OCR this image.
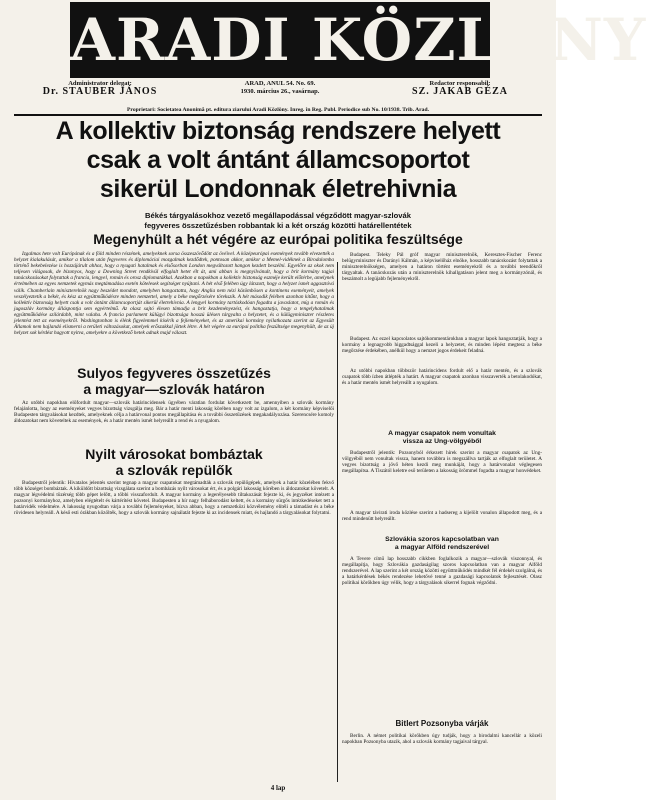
ARADI KÖZLÖNY
Administrator delegat:
Dr. STAUBER JÁNOS
ARAD, ANUL 54. No. 69.
1930. március 26., vasárnap.
Redactor responsabil:
SZ. JAKAB GÉZA
Proprietari: Societatea Anonimă pt. editura ziarului Aradi Közlöny. Inreg. în Reg. Publ. Periodice sub No. 10/1938. Trib. Arad.
A kollektiv biztonság rendszere helyett
csak a volt ántánt államcsoportot
sikerül Londonnak életrehivnia
Békés tárgyalásokhoz vezető megállapodással végződött magyar-szlovák
fegyveres összetűzésben robbantak ki a két ország közötti határellentétek
Megenyhült a hét végére az európai politika feszültsége

Izgalmas hete volt Európának és a föld minden részének, amelyeknek sorsa összeszövődött az övéivel. A középeurópai események tovább elvezették a helyzet kialakulását, amikor a tilalom után fegyveres és diplomáciai mozgalmak kezdődtek, pontosan akkor, amikor a Memel-vidéknek a Birodalomba történő bekebelezése is hozzájárult ahhoz, hogy a nyugati hatalmak és elsősorban London megváltozott hangon kezdett beszélni. Egyelőre az okok nem teljesen világosak, de bizonyos, hogy a Downing Street rendkívül elfoglalt hetet élt át, ami abban is megnyilvánult, hogy a brit kormány tagjai tanácskozásokat folytattak a francia, lengyel, román és orosz diplomatákkal. Azokban a napokban a kollektív biztonság eszméje került előtérbe, amelynek értelmében az egyes nemzetek egymás megtámadása esetén kötelesek segítséget nyújtani. A hét első felében úgy látszott, hogy a helyzet ismét aggasztóvá válik. Chamberlain miniszterelnök nagy beszédet mondott, amelyben hangoztatta, hogy Anglia nem nézi közömbösen a kontinens eseményeit, amelyek veszélyeztetik a békét, és kész az együttműködésre minden nemzettel, amely a béke megőrzésére törekszik. A hét második felében azonban kitűnt, hogy a kollektív biztonság helyett csak a volt ántánt államcsoportját sikerül életrehívnia. A lengyel kormány tartózkodóan fogadta a javaslatot, míg a román és jugoszláv kormány álláspontja sem egyértelmű. Az olasz sajtó élesen támadja a brit kezdeményezést, és hangoztatja, hogy a tengelyhatalmak együttműködése szilárdabb, mint valaha. A francia parlament külügyi bizottsága hosszú ülésen tárgyalta a helyzetet, és a külügyminiszter részletes jelentést tett az eseményekről. Washingtonban is élénk figyelemmel kísérik a fejleményeket, és az amerikai kormány nyilatkozata szerint az Egyesült Államok nem hajlandó elismerni a területi változásokat, amelyek erőszakkal jöttek létre. A hét végére az európai politika feszültsége megenyhült, de az új helyzet sok kérdést hagyott nyitva, amelyekre a következő hetek adnak majd választ.

Sulyos fegyveres összetűzés
a magyar—szlovák határon

Az utóbbi napokban előfordult magyar—szlovák határincidensek ügyében váratlan fordulat következett be, amennyiben a szlovák kormány felajánlotta, hogy az eseményeket vegyes bizottság vizsgálja meg. Bár a határ menti lakosság körében nagy volt az izgalom, a két kormány képviselői Budapesten tárgyalásokat kezdtek, amelyeknek célja a határvonal pontos megállapítása és a további összetűzések megakadályozása. Szerencsére komoly áldozatokat nem követeltek az események, és a határ mentén ismét helyreállt a rend és a nyugalom.

Nyilt városokat bombáztak
a szlovák repülők

Budapestről jelentik: Hivatalos jelentés szerint tegnap a magyar csapatokat megtámadták a szlovák repülőgépek, amelyek a határ közelében fekvő több községet bombáztak. A kiküldött bizottság vizsgálata szerint a bombázás nyílt városokat ért, és a polgári lakosság körében is áldozatokat követelt. A magyar légvédelmi tüzérség több gépet lelőtt, a többi visszafordult. A magyar kormány a legerélyesebb tiltakozását fejezte ki, és jegyzéket intézett a pozsonyi kormányhoz, amelyben elégtételt és kártérítést követel. Budapesten a hír nagy felháborodást keltett, és a kormány sürgős intézkedéseket tett a határvidék védelmére. A lakosság nyugodtan várja a további fejleményeket, bízva abban, hogy a nemzetközi közvélemény elítéli a támadást és a béke rövidesen helyreáll. A késő esti órákban közölték, hogy a szlovák kormány sajnálatát fejezte ki az incidensek miatt, és hajlandó a tárgyalásokat folytatni.

Budapest. Teleky Pál gróf magyar miniszterelnök, Keresztes-Fischer Ferenc belügyminiszter és Darányi Kálmán, a képviselőház elnöke, hosszabb tanácskozást folytattak a miniszterelnökségen, amelyen a határon történt eseményekről és a további teendőkről tárgyaltak. A tanácskozás után a miniszterelnök kihallgatáson jelent meg a kormányzónál, és beszámolt a legújabb fejleményekről.

Budapest. Az ezzel kapcsolatos sajtókommentárokban a magyar lapok hangoztatják, hogy a kormány a legnagyobb higgadtsággal kezeli a helyzetet, és minden lépést megtesz a béke megőrzése érdekében, anélkül hogy a nemzet jogos érdekeit feladná.

Az utóbbi napokban többször határincidens fordult elő a határ mentén, és a szlovák csapatok több ízben átlépték a határt. A magyar csapatok azonban visszaverték a betolakodókat, és a határ mentén ismét helyreállt a nyugalom.

A magyar csapatok nem vonultak
vissza az Ung-völgyéből

Budapestről jelentik: Pozsonyból érkezett hírek szerint a magyar csapatok az Ung-völgyéből nem vonultak vissza, hanem továbbra is megszállva tartják az elfoglalt területet. A vegyes bizottság a jövő héten kezdi meg munkáját, hogy a határvonalat véglegesen megállapítsa. A Tiszától keletre eső területen a lakosság örömmel fogadta a magyar honvédeket.

A magyar távirati iroda közlése szerint a hadsereg a kijelölt vonalon állapodott meg, és a rend mindenütt helyreállt.

Szlovákia szoros kapcsolatban van
a magyar Alföld rendszerével

A Tevere című lap hosszabb cikkben foglalkozik a magyar—szlovák viszonnyal, és megállapítja, hogy Szlovákia gazdaságilag szoros kapcsolatban van a magyar Alföld rendszerével. A lap szerint a két ország közötti együttműködés mindkét fél érdekét szolgálná, és a határkérdések békés rendezése lehetővé tenné a gazdasági kapcsolatok fejlesztését. Olasz politikai körökben úgy vélik, hogy a tárgyalások sikerrel fognak végződni.

Bitlert Pozsonyba várják

Berlin. A német politikai körökben úgy tudják, hogy a birodalmi kancellár a közeli napokban Pozsonyba utazik, ahol a szlovák kormány tagjaival tárgyal.

4 lap
